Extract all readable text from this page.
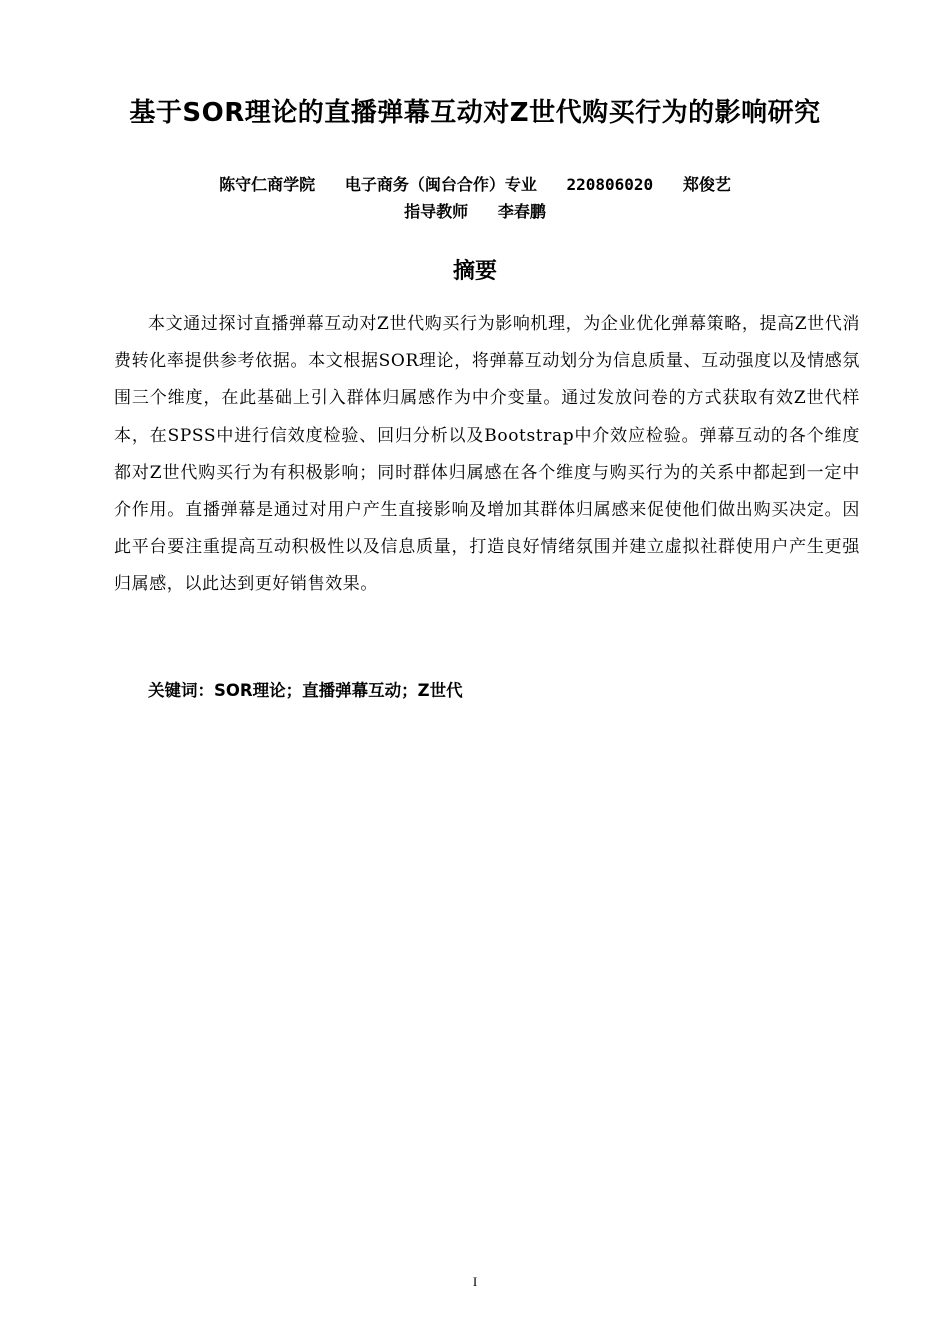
基于SOR理论的直播弹幕互动对Z世代购买行为的影响研究
陈守仁商学院 电子商务（闽台合作）专业 220806020 郑俊艺
指导教师 李春鹏
摘要

本文通过探讨直播弹幕互动对Z世代购买行为影响机理，为企业优化弹幕策略，提高Z世代消费转化率提供参考依据。本文根据SOR理论，将弹幕互动划分为信息质量、互动强度以及情感氛围三个维度，在此基础上引入群体归属感作为中介变量。通过发放问卷的方式获取有效Z世代样本，在SPSS中进行信效度检验、回归分析以及Bootstrap中介效应检验。弹幕互动的各个维度都对Z世代购买行为有积极影响；同时群体归属感在各个维度与购买行为的关系中都起到一定中介作用。直播弹幕是通过对用户产生直接影响及增加其群体归属感来促使他们做出购买决定。因此平台要注重提高互动积极性以及信息质量，打造良好情绪氛围并建立虚拟社群使用户产生更强归属感，以此达到更好销售效果。

关键词：SOR理论；直播弹幕互动；Z世代
I
